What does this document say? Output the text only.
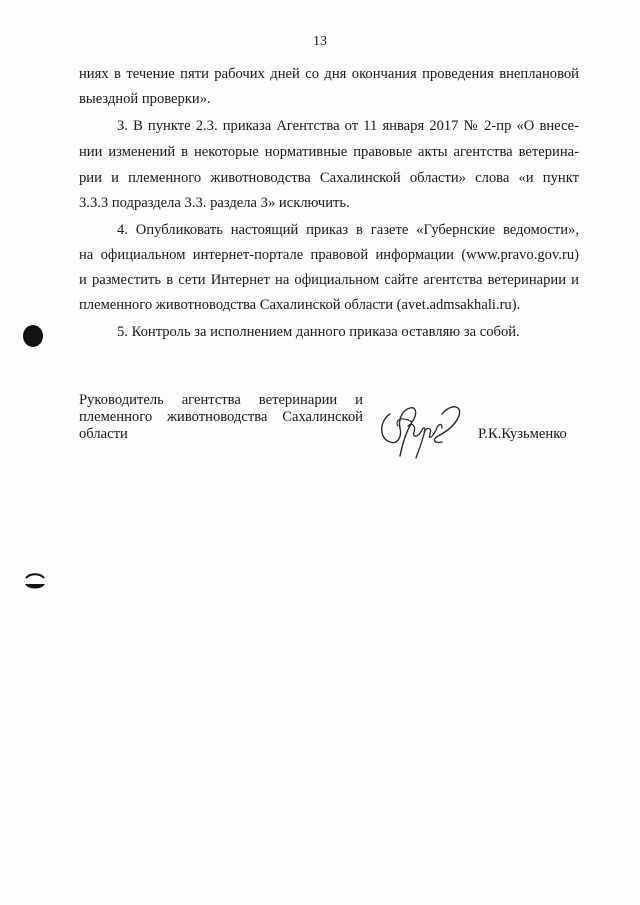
13
ниях в течение пяти рабочих дней со дня окончания проведения внеплановой
выездной проверки».
3. В пункте 2.3. приказа Агентства от 11 января 2017 № 2-пр «О внесе-
нии изменений в некоторые нормативные правовые акты агентства ветерина-
рии и племенного животноводства Сахалинской области» слова «и пункт
3.3.3 подраздела 3.3. раздела 3» исключить.
4. Опубликовать настоящий приказ в газете «Губернские ведомости»,
на официальном интернет-портале правовой информации (www.pravo.gov.ru)
и разместить в сети Интернет на официальном сайте агентства ветеринарии и
племенного животноводства Сахалинской области (avet.admsakhali.ru).
5. Контроль за исполнением данного приказа оставляю за собой.
Руководитель агентства ветеринарии и
племенного животноводства Сахалинской
области	Р.К.Кузьменко
